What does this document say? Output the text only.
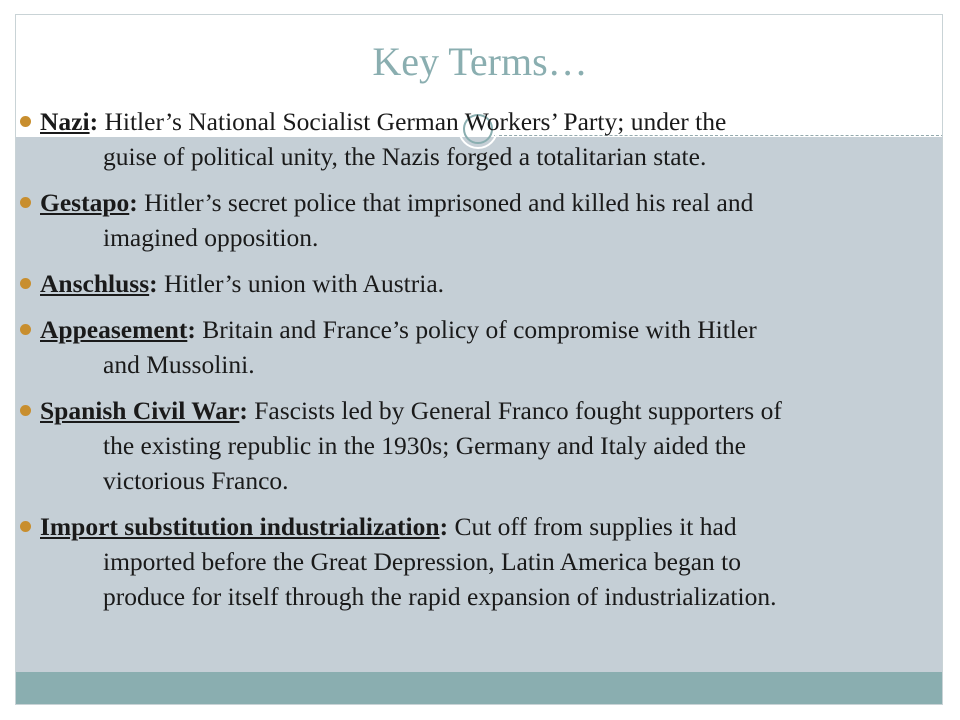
Key Terms…
Nazi: Hitler’s National Socialist German Workers’ Party; under the
guise of political unity, the Nazis forged a totalitarian state.
Gestapo: Hitler’s secret police that imprisoned and killed his real and
imagined opposition.
Anschluss: Hitler’s union with Austria.
Appeasement: Britain and France’s policy of compromise with Hitler
and Mussolini.
Spanish Civil War: Fascists led by General Franco fought supporters of
the existing republic in the 1930s; Germany and Italy aided the
victorious Franco.
Import substitution industrialization: Cut off from supplies it had
imported before the Great Depression, Latin America began to
produce for itself through the rapid expansion of industrialization.
